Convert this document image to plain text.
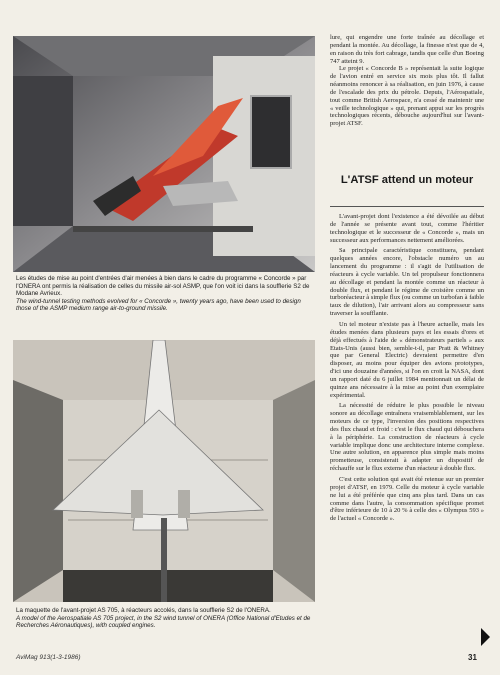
Les études de mise au point d'entrées d'air menées à bien dans le cadre du programme « Concorde » par l'ONERA ont permis la réalisation de celles du missile air-sol ASMP, que l'on voit ici dans la soufflerie S2 de Modane Avrieux.

The wind-tunnel testing methods evolved for « Concorde », twenty years ago, have been used to design those of the ASMP medium range air-to-ground missile.

La maquette de l'avant-projet AS 705, à réacteurs accolés, dans la soufflerie S2 de l'ONERA.

A model of the Aerospatiale AS 705 project, in the S2 wind tunnel of ONERA (Office National d'Etudes et de Recherches Aéronautiques), with coupled engines.

lure, qui engendre une forte traînée au décollage et pendant la montée. Au décollage, la finesse n'est que de 4, en raison du très fort cabrage, tandis que celle d'un Boeing 747 atteint 9.

Le projet « Concorde B » représentait la suite logique de l'avion entré en service six mois plus tôt. Il fallut néanmoins renoncer à sa réalisation, en juin 1976, à cause de l'escalade des prix du pétrole. Depuis, l'Aérospatiale, tout comme British Aerospace, n'a cessé de maintenir une « veille technologique » qui, prenant appui sur les progrès technologiques récents, débouche aujourd'hui sur l'avant-projet ATSF.

L'ATSF attend un moteur

L'avant-projet dont l'existence a été dévoilée au début de l'année se présente avant tout, comme l'héritier technologique et le successeur de « Concorde », mais un successeur aux performances nettement améliorées.

Sa principale caractéristique constituera, pendant quelques années encore, l'obstacle numéro un au lancement du programme : il s'agit de l'utilisation de réacteurs à cycle variable. Un tel propulseur fonctionnera au décollage et pendant la montée comme un réacteur à double flux, et pendant le régime de croisière comme un turboréacteur à simple flux (ou comme un turbofan à faible taux de dilution), l'air arrivant alors au compresseur sans traverser la soufflante.

Un tel moteur n'existe pas à l'heure actuelle, mais les études menées dans plusieurs pays et les essais d'ores et déjà effectués à l'aide de « démonstrateurs partiels » aux Etats-Unis (aussi bien, semble-t-il, par Pratt & Whitney que par General Electric) devraient permettre d'en disposer, au moins pour équiper des avions prototypes, d'ici une douzaine d'années, si l'on en croit la NASA, dont un rapport daté du 6 juillet 1984 mentionnait un délai de quinze ans nécessaire à la mise au point d'un exemplaire expérimental.

La nécessité de réduire le plus possible le niveau sonore au décollage entraînera vraisemblablement, sur les moteurs de ce type, l'inversion des positions respectives des flux chaud et froid : c'est le flux chaud qui débouchera à la périphérie. La construction de réacteurs à cycle variable implique donc une architecture interne complexe. Une autre solution, en apparence plus simple mais moins prometteuse, consisterait à adapter un dispositif de réchauffe sur le flux externe d'un réacteur à double flux.

C'est cette solution qui avait été retenue sur un premier projet d'ATSF, en 1979. Celle du moteur à cycle variable ne lui a été préférée que cinq ans plus tard. Dans un cas comme dans l'autre, la consommation spécifique promet d'être inférieure de 10 à 20 % à celle des « Olympus 593 » de l'actuel « Concorde ».

AviMag 913(1-3-1986)	31
